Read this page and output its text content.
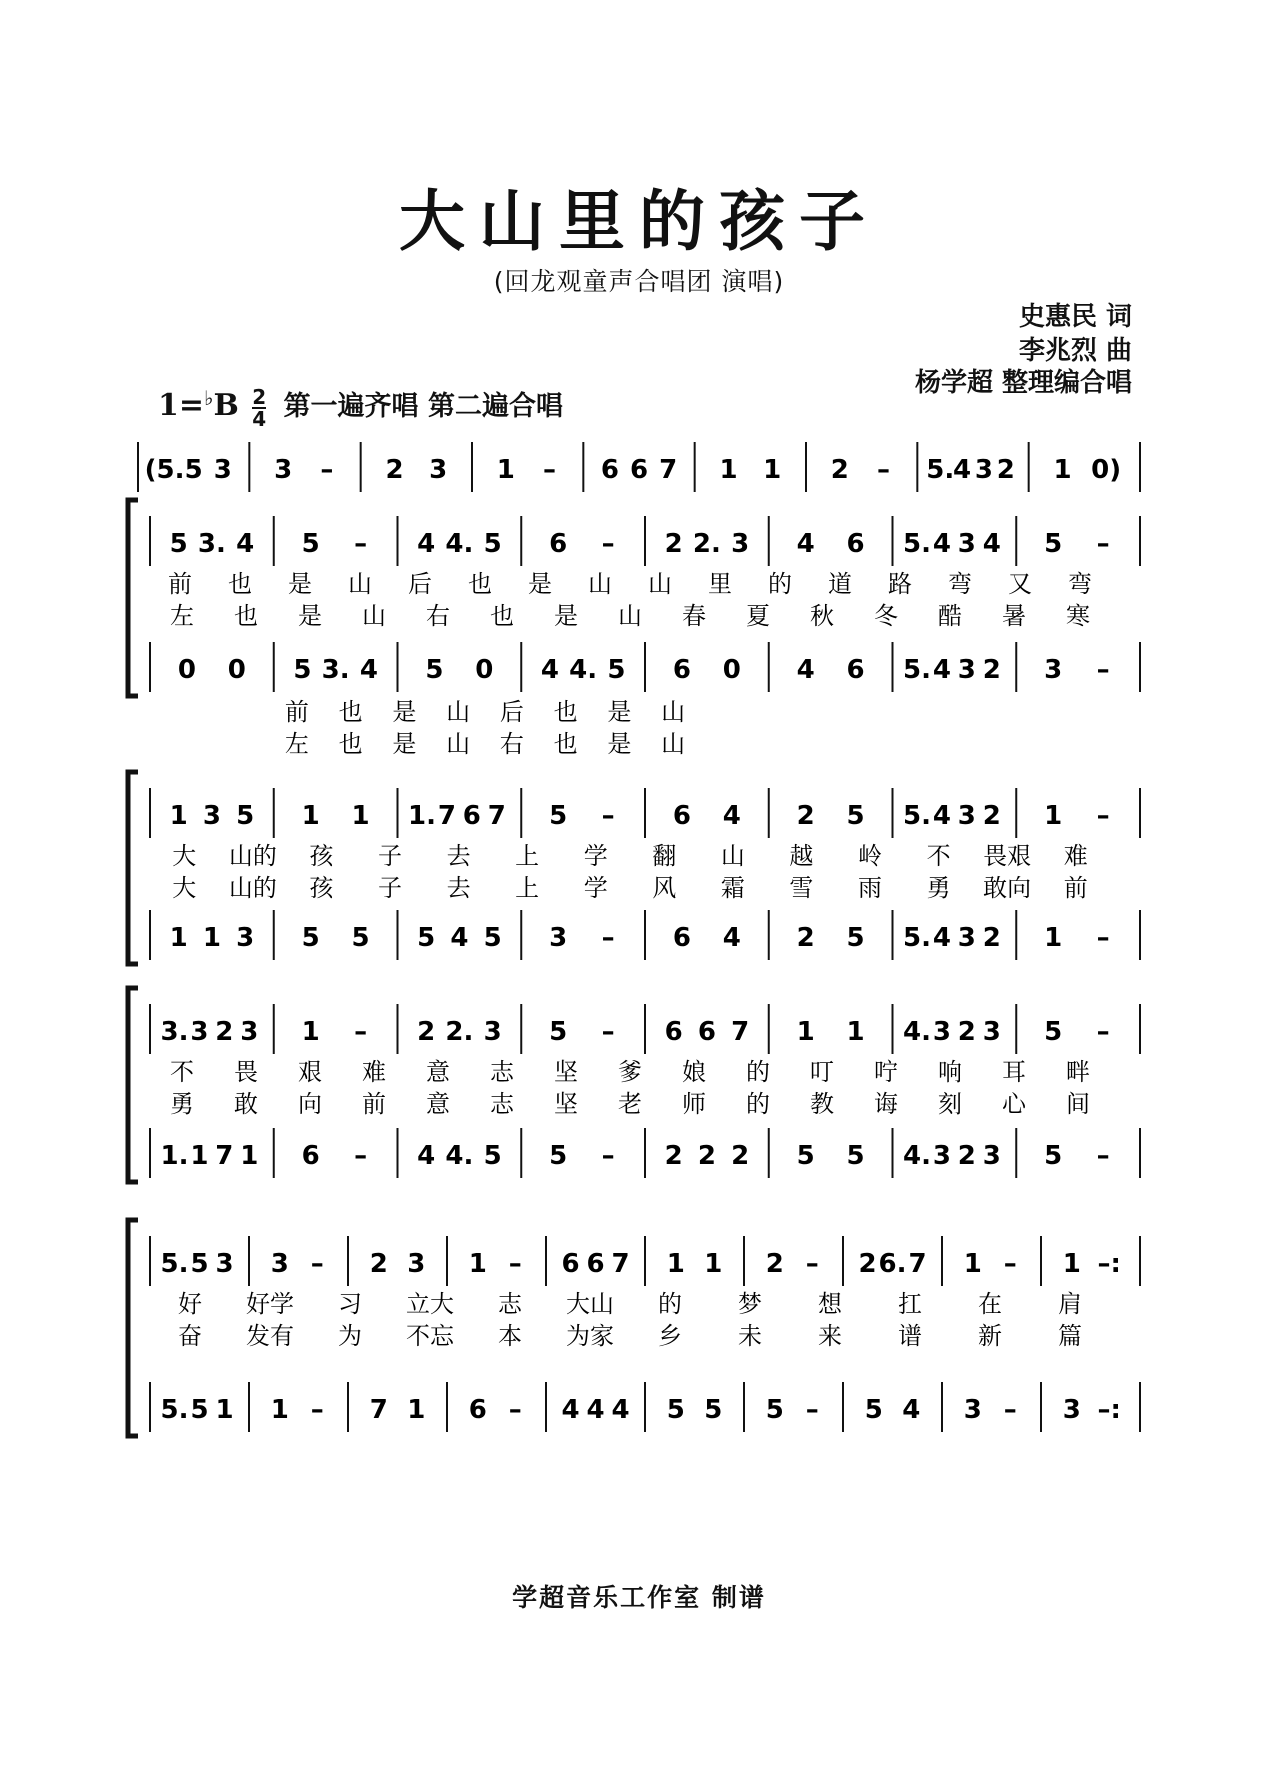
大山里的孩子
(回龙观童声合唱团 演唱)
史惠民 词
李兆烈 曲
杨学超 整理编合唱
$1=^♭B \frac{2}{4}$ 第一遍齐唱 第二遍合唱
(5. 5 3 3 – 2 3 1 – 6 6 7 1 1 2 – 5.
4 3 2 1 0)
5 3. 4 5 – 4 4. 5 6 – 2 2. 3 4 6 5. 4 3 4 5 –
前 也 是 山 后 也 是 山 山 里 的 道 路 弯 又 弯
左 也 是 山 右 也 是 山 春 夏 秋 冬 酷 暑 寒
0 0 5 3. 4 5 0 4 4. 5 6 0 4 6 5. 4 3 2 3 –
前 也 是 山 后 也 是 山
左 也 是 山 右 也 是 山
1 3 5 1 1 1. 7 6 7 5 – 6 4 2 5 5. 4 3 2 1 –
大 山的 孩 子 去 上 学 翻 山 越 岭 不 畏艰 难
大 山的 孩 子 去 上 学 风 霜 雪 雨 勇 敢向 前
1 1 3 5 5 5 4 5 3 – 6 4 2 5 5. 4 3 2 1 –
3. 3 2 3 1 – 2 2. 3 5 – 6 6 7 1 1 4. 3 2 3 5 –
不 畏 艰 难 意 志 坚 爹 娘 的 叮 咛 响 耳 畔
勇 敢 向 前 意 志 坚 老 师 的 教 诲 刻 心 间
1. 1 7 1 6 – 4 4. 5 5 – 2 2 2 5 5 4. 3 2 3 5 –
5. 5 3 3 – 2 3 1 – 6 6 7 1 1 2 – 2 6. 7 1 – 1 –:
好 好学 习 立大 志 大山 的 梦 想 扛 在 肩
奋 发有 为 不忘 本 为家 乡 未 来 谱 新 篇
5. 5 1 1 – 7 1 6 – 4 4 4 5 5 5 – 5 4 3 – 3 –:
学超音乐工作室 制谱
